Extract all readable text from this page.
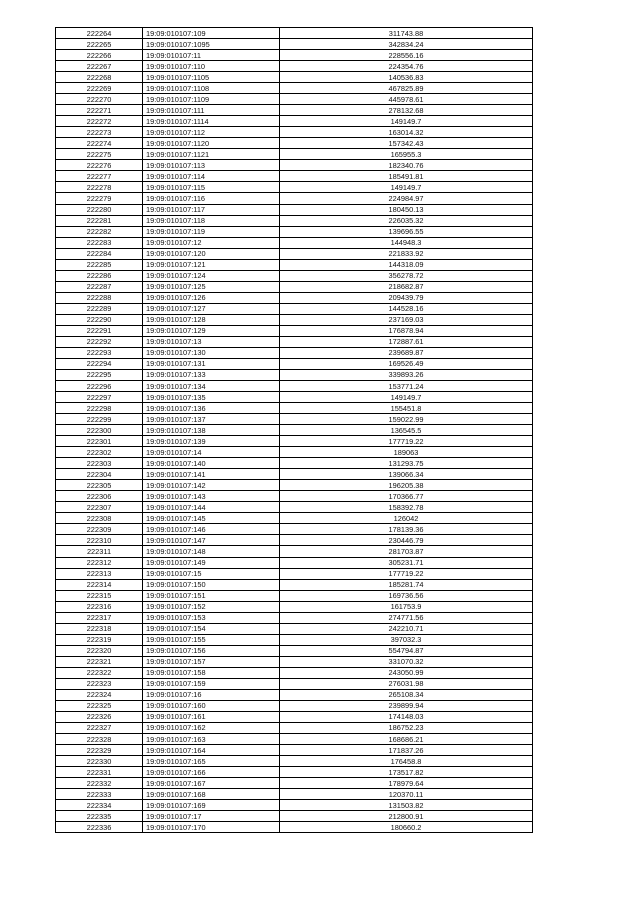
222264	19:09:010107:109	311743.88
222265	19:09:010107:1095	342834.24
222266	19:09:010107:11	228556.16
222267	19:09:010107:110	224354.76
222268	19:09:010107:1105	140536.83
222269	19:09:010107:1108	467825.89
222270	19:09:010107:1109	445978.61
222271	19:09:010107:111	278132.68
222272	19:09:010107:1114	149149.7
222273	19:09:010107:112	163014.32
222274	19:09:010107:1120	157342.43
222275	19:09:010107:1121	165955.3
222276	19:09:010107:113	182340.76
222277	19:09:010107:114	185491.81
222278	19:09:010107:115	149149.7
222279	19:09:010107:116	224984.97
222280	19:09:010107:117	180450.13
222281	19:09:010107:118	226035.32
222282	19:09:010107:119	139696.55
222283	19:09:010107:12	144948.3
222284	19:09:010107:120	221833.92
222285	19:09:010107:121	144318.09
222286	19:09:010107:124	356278.72
222287	19:09:010107:125	218682.87
222288	19:09:010107:126	209439.79
222289	19:09:010107:127	144528.16
222290	19:09:010107:128	237169.03
222291	19:09:010107:129	176878.94
222292	19:09:010107:13	172887.61
222293	19:09:010107:130	239689.87
222294	19:09:010107:131	169526.49
222295	19:09:010107:133	339893.26
222296	19:09:010107:134	153771.24
222297	19:09:010107:135	149149.7
222298	19:09:010107:136	155451.8
222299	19:09:010107:137	159022.99
222300	19:09:010107:138	136545.5
222301	19:09:010107:139	177719.22
222302	19:09:010107:14	189063
222303	19:09:010107:140	131293.75
222304	19:09:010107:141	139066.34
222305	19:09:010107:142	196205.38
222306	19:09:010107:143	170366.77
222307	19:09:010107:144	158392.78
222308	19:09:010107:145	126042
222309	19:09:010107:146	178139.36
222310	19:09:010107:147	230446.79
222311	19:09:010107:148	281703.87
222312	19:09:010107:149	305231.71
222313	19:09:010107:15	177719.22
222314	19:09:010107:150	185281.74
222315	19:09:010107:151	169736.56
222316	19:09:010107:152	161753.9
222317	19:09:010107:153	274771.56
222318	19:09:010107:154	242210.71
222319	19:09:010107:155	397032.3
222320	19:09:010107:156	554794.87
222321	19:09:010107:157	331070.32
222322	19:09:010107:158	243050.99
222323	19:09:010107:159	276031.98
222324	19:09:010107:16	265108.34
222325	19:09:010107:160	239899.94
222326	19:09:010107:161	174148.03
222327	19:09:010107:162	186752.23
222328	19:09:010107:163	168686.21
222329	19:09:010107:164	171837.26
222330	19:09:010107:165	176458.8
222331	19:09:010107:166	173517.82
222332	19:09:010107:167	178979.64
222333	19:09:010107:168	120370.11
222334	19:09:010107:169	131503.82
222335	19:09:010107:17	212800.91
222336	19:09:010107:170	180660.2
